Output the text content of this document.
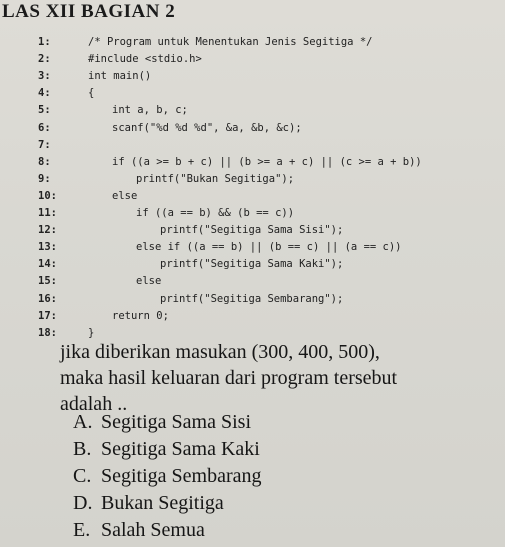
LAS XII BAGIAN 2
1:	/* Program untuk Menentukan Jenis Segitiga */
2:	#include <stdio.h>
3:	int main()
4:	{
5:	int a, b, c;
6:	scanf("%d %d %d", &a, &b, &c);
7:
8:	if ((a >= b + c) || (b >= a + c) || (c >= a + b))
9:	printf("Bukan Segitiga");
10:	else
11:	if ((a == b) && (b == c))
12:	printf("Segitiga Sama Sisi");
13:	else if ((a == b) || (b == c) || (a == c))
14:	printf("Segitiga Sama Kaki");
15:	else
16:	printf("Segitiga Sembarang");
17:	return 0;
18:	}

jika diberikan masukan (300, 400, 500),

maka hasil keluaran dari program tersebut

adalah ..

A. Segitiga Sama Sisi
B. Segitiga Sama Kaki
C. Segitiga Sembarang
D. Bukan Segitiga
E. Salah Semua
